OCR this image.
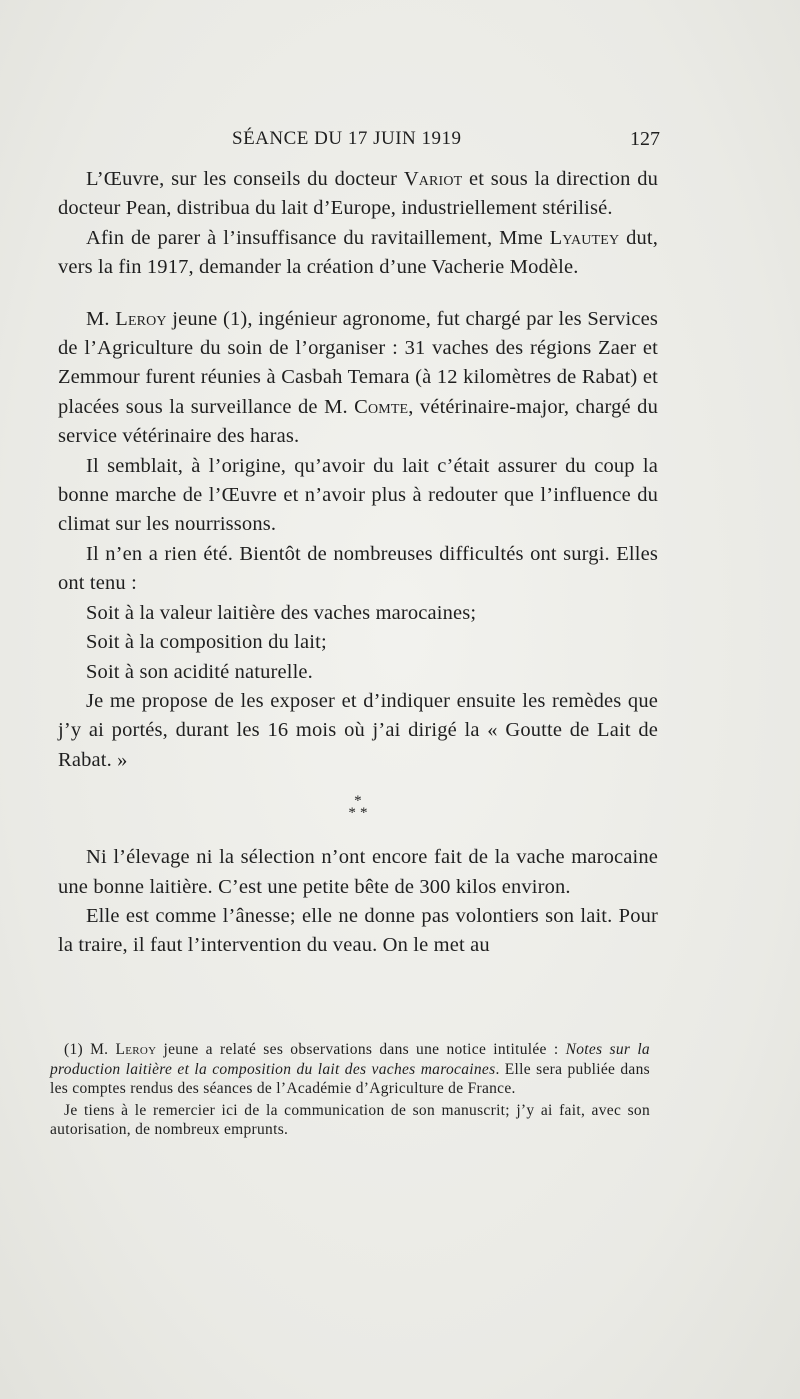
SÉANCE DU 17 JUIN 1919	127

L’Œuvre, sur les conseils du docteur Variot et sous la direction du docteur Pean, distribua du lait d’Europe, industriellement stérilisé.

Afin de parer à l’insuffisance du ravitaillement, Mme Lyautey dut, vers la fin 1917, demander la création d’une Vacherie Modèle.

M. Leroy jeune (1), ingénieur agronome, fut chargé par les Services de l’Agriculture du soin de l’organiser : 31 vaches des régions Zaer et Zemmour furent réunies à Casbah Temara (à 12 kilomètres de Rabat) et placées sous la surveillance de M. Comte, vétérinaire-major, chargé du service vétérinaire des haras.

Il semblait, à l’origine, qu’avoir du lait c’était assurer du coup la bonne marche de l’Œuvre et n’avoir plus à redouter que l’influence du climat sur les nourrissons.

Il n’en a rien été. Bientôt de nombreuses difficultés ont surgi. Elles ont tenu :

Soit à la valeur laitière des vaches marocaines;

Soit à la composition du lait;

Soit à son acidité naturelle.

Je me propose de les exposer et d’indiquer ensuite les remèdes que j’y ai portés, durant les 16 mois où j’ai dirigé la « Goutte de Lait de Rabat. »

*
* *

Ni l’élevage ni la sélection n’ont encore fait de la vache marocaine une bonne laitière. C’est une petite bête de 300 kilos environ.

Elle est comme l’ânesse; elle ne donne pas volontiers son lait. Pour la traire, il faut l’intervention du veau. On le met au

(1) M. Leroy jeune a relaté ses observations dans une notice intitulée : Notes sur la production laitière et la composition du lait des vaches marocaines. Elle sera publiée dans les comptes rendus des séances de l’Académie d’Agriculture de France.

Je tiens à le remercier ici de la communication de son manuscrit; j’y ai fait, avec son autorisation, de nombreux emprunts.
